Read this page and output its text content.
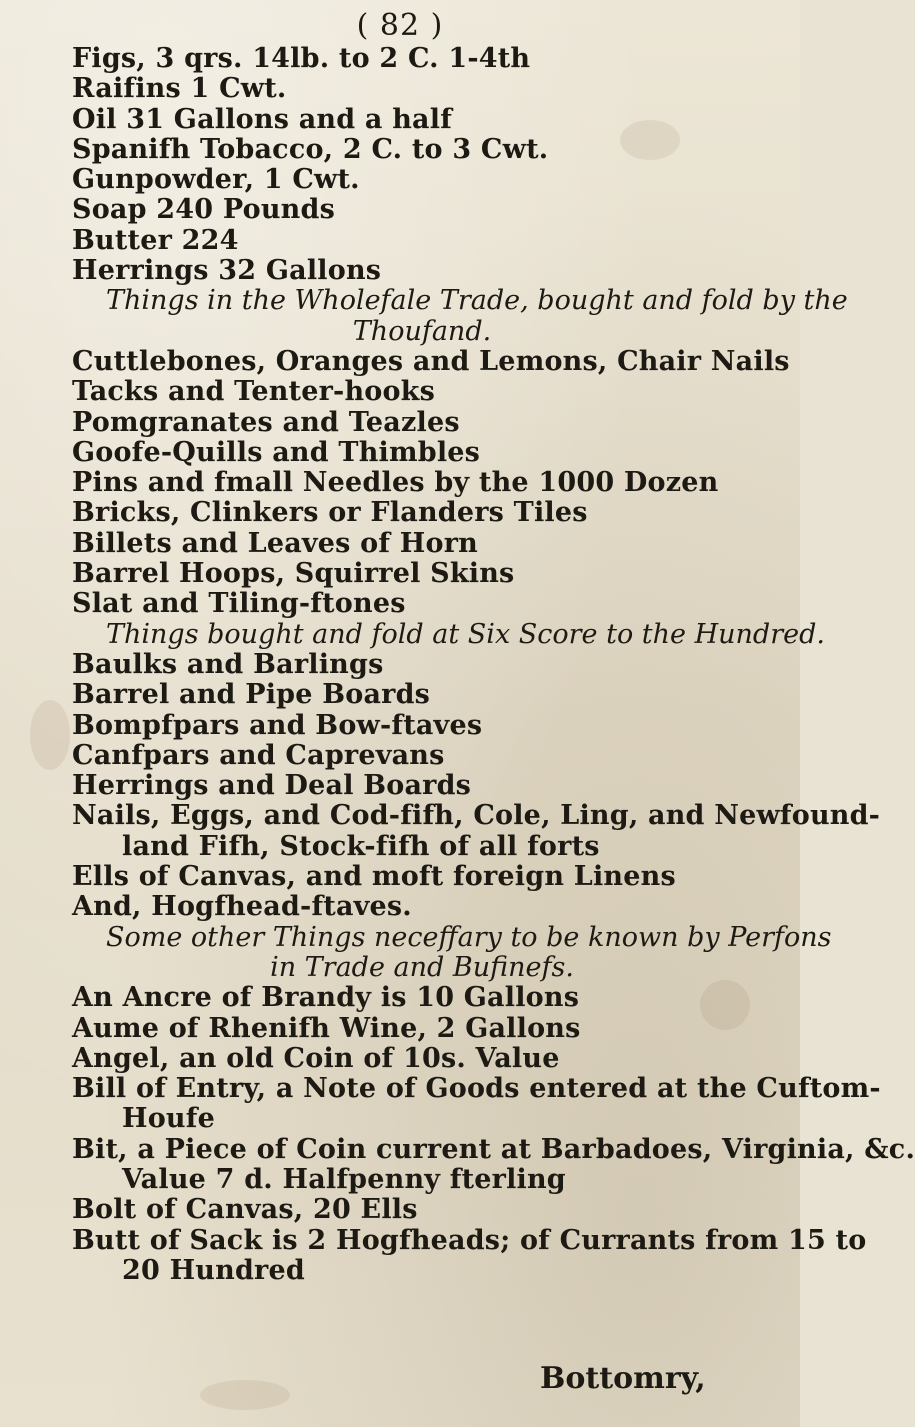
( 82 )
Figs, 3 qrs. 14lb. to 2 C. 1-4th
Raifins 1 Cwt.
Oil 31 Gallons and a half
Spanifh Tobacco, 2 C. to 3 Cwt.
Gunpowder, 1 Cwt.
Soap 240 Pounds
Butter 224
Herrings 32 Gallons
Things in the Wholefale Trade, bought and fold by the
Thoufand.
Cuttlebones, Oranges and Lemons, Chair Nails
Tacks and Tenter-hooks
Pomgranates and Teazles
Goofe-Quills and Thimbles
Pins and fmall Needles by the 1000 Dozen
Bricks, Clinkers or Flanders Tiles
Billets and Leaves of Horn
Barrel Hoops, Squirrel Skins
Slat and Tiling-ftones
Things bought and fold at Six Score to the Hundred.
Baulks and Barlings
Barrel and Pipe Boards
Bompfpars and Bow-ftaves
Canfpars and Caprevans
Herrings and Deal Boards
Nails, Eggs, and Cod-fifh, Cole, Ling, and Newfound-
land Fifh, Stock-fifh of all forts
Ells of Canvas, and moft foreign Linens
And, Hogfhead-ftaves.
Some other Things neceffary to be known by Perfons
in Trade and Bufinefs.
An Ancre of Brandy is 10 Gallons
Aume of Rhenifh Wine, 2 Gallons
Angel, an old Coin of 10s. Value
Bill of Entry, a Note of Goods entered at the Cuftom-
Houfe
Bit, a Piece of Coin current at Barbadoes, Virginia, &c.
Value 7 d. Halfpenny fterling
Bolt of Canvas, 20 Ells
Butt of Sack is 2 Hogfheads; of Currants from 15 to
20 Hundred
Bottomry,
